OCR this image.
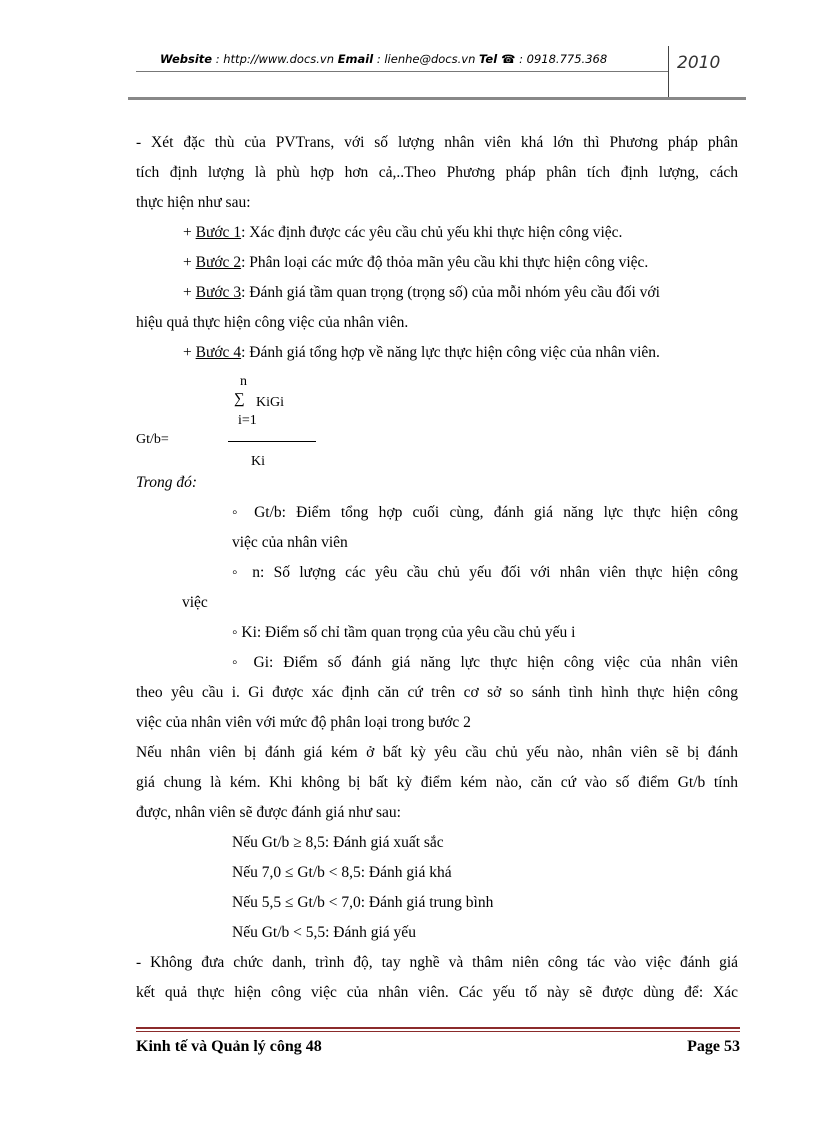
Website : http://www.docs.vn Email : lienhe@docs.vn Tel ☎ : 0918.775.368	2010
- Xét đặc thù của PVTrans, với số lượng nhân viên khá lớn thì Phương pháp phân
tích định lượng là phù hợp hơn cả,..Theo Phương pháp phân tích định lượng, cách
thực hiện như sau:
+ Bước 1: Xác định được các yêu cầu chủ yếu khi thực hiện công việc.
+ Bước 2: Phân loại các mức độ thỏa mãn yêu cầu khi thực hiện công việc.
+ Bước 3: Đánh giá tầm quan trọng (trọng số) của mỗi nhóm yêu cầu đối với
hiệu quả thực hiện công việc của nhân viên.
+ Bước 4: Đánh giá tổng hợp về năng lực thực hiện công việc của nhân viên.
n
∑ KiGi
i=1
Gt/b=
Ki
Trong đó:
◦ Gt/b: Điểm tổng hợp cuối cùng, đánh giá năng lực thực hiện công
việc của nhân viên
◦ n: Số lượng các yêu cầu chủ yếu đối với nhân viên thực hiện công
việc
◦ Ki: Điểm số chỉ tầm quan trọng của yêu cầu chủ yếu i
◦ Gi: Điểm số đánh giá năng lực thực hiện công việc của nhân viên
theo yêu cầu i. Gi được xác định căn cứ trên cơ sở so sánh tình hình thực hiện công
việc của nhân viên với mức độ phân loại trong bước 2
Nếu nhân viên bị đánh giá kém ở bất kỳ yêu cầu chủ yếu nào, nhân viên sẽ bị đánh
giá chung là kém. Khi không bị bất kỳ điểm kém nào, căn cứ vào số điểm Gt/b tính
được, nhân viên sẽ được đánh giá như sau:
Nếu Gt/b ≥ 8,5: Đánh giá xuất sắc
Nếu 7,0 ≤ Gt/b < 8,5: Đánh giá khá
Nếu 5,5 ≤ Gt/b < 7,0: Đánh giá trung bình
Nếu Gt/b < 5,5: Đánh giá yếu
- Không đưa chức danh, trình độ, tay nghề và thâm niên công tác vào việc đánh giá
kết quả thực hiện công việc của nhân viên. Các yếu tố này sẽ được dùng để: Xác
Kinh tế và Quản lý công 48	Page 53
